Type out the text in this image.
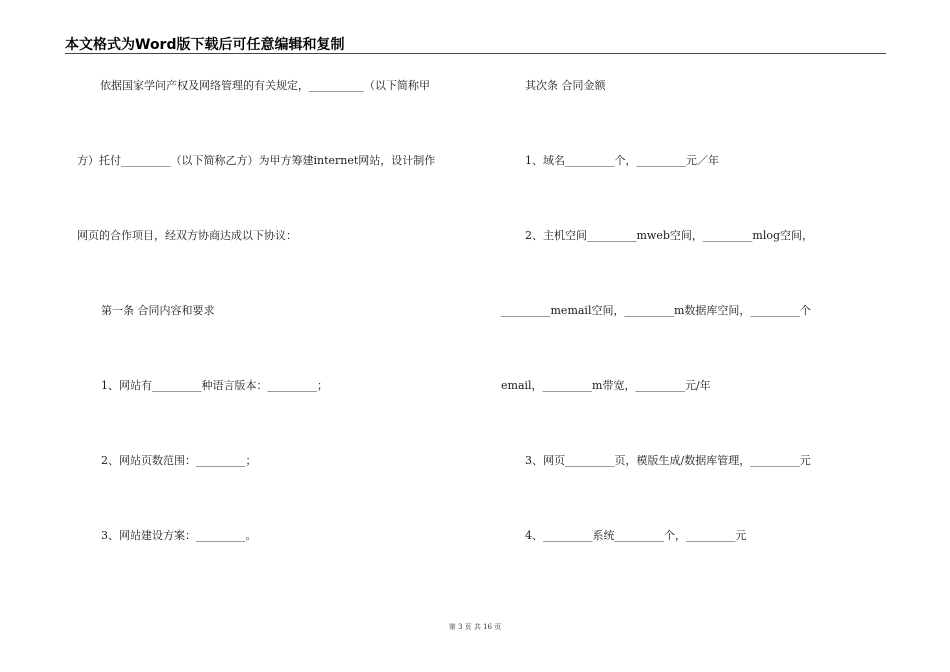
本文格式为Word版下载后可任意编辑和复制
依据国家学问产权及网络管理的有关规定，__________（以下简称甲
方）托付_________（以下简称乙方）为甲方筹建internet网站，设计制作
网页的合作项目，经双方协商达成以下协议：
第一条 合同内容和要求
1、网站有_________种语言版本：_________；
2、网站页数范围：_________；
3、网站建设方案：_________。
其次条 合同金额
1、域名_________个，_________元／年
2、主机空间_________mweb空间，_________mlog空间，
_________memail空间，_________m数据库空间，_________个
email，_________m带宽，_________元/年
3、网页_________页，模版生成/数据库管理，_________元
4、_________系统_________个，_________元
第 3 页 共 16 页
